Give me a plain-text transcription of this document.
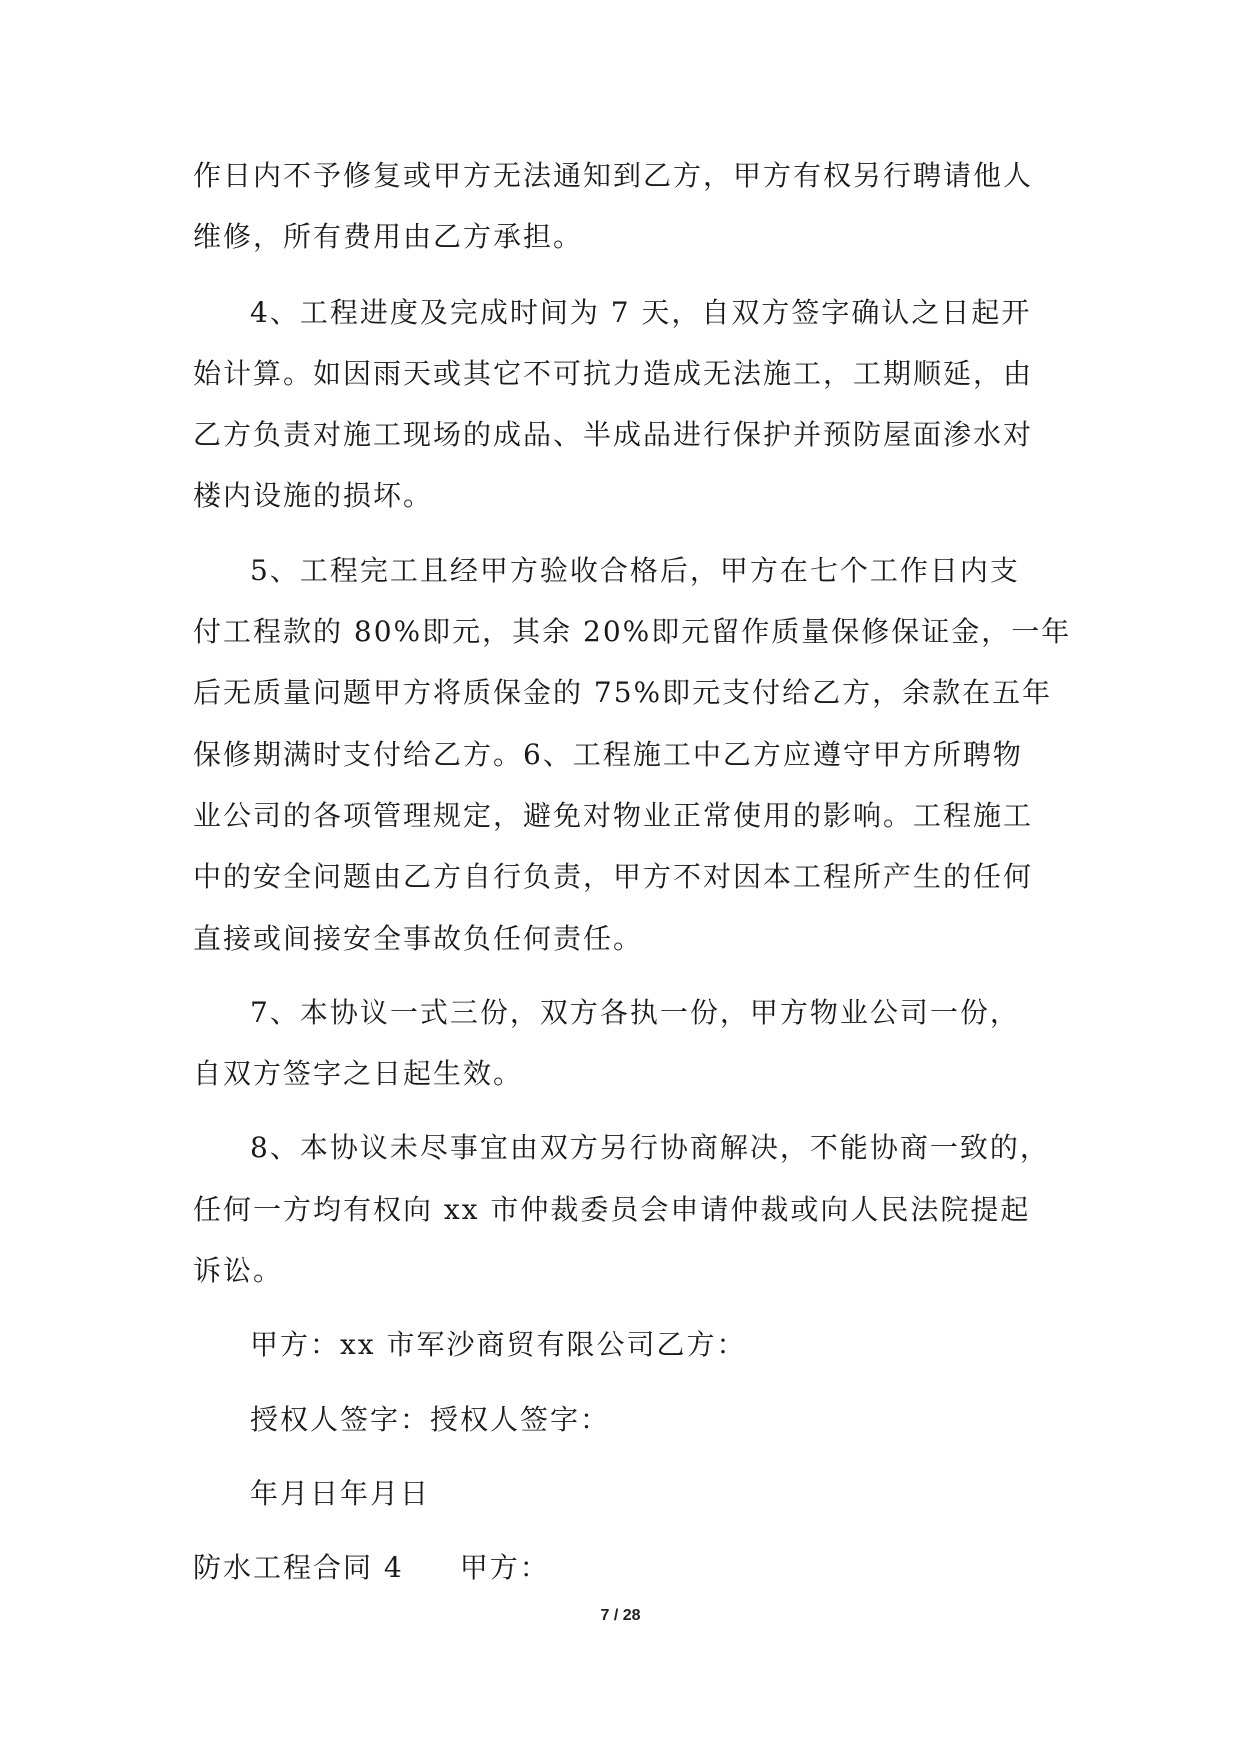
作日内不予修复或甲方无法通知到乙方，甲方有权另行聘请他人
维修，所有费用由乙方承担。
4、工程进度及完成时间为 7 天，自双方签字确认之日起开
始计算。如因雨天或其它不可抗力造成无法施工，工期顺延，由
乙方负责对施工现场的成品、半成品进行保护并预防屋面渗水对
楼内设施的损坏。
5、工程完工且经甲方验收合格后，甲方在七个工作日内支
付工程款的 80%即元，其余 20%即元留作质量保修保证金，一年
后无质量问题甲方将质保金的 75%即元支付给乙方，余款在五年
保修期满时支付给乙方。6、工程施工中乙方应遵守甲方所聘物
业公司的各项管理规定，避免对物业正常使用的影响。工程施工
中的安全问题由乙方自行负责，甲方不对因本工程所产生的任何
直接或间接安全事故负任何责任。
7、本协议一式三份，双方各执一份，甲方物业公司一份，
自双方签字之日起生效。
8、本协议未尽事宜由双方另行协商解决，不能协商一致的，
任何一方均有权向 xx 市仲裁委员会申请仲裁或向人民法院提起
诉讼。
甲方：xx 市军沙商贸有限公司乙方：
授权人签字：授权人签字：
年月日年月日
防水工程合同 4 甲方：
7 / 28
